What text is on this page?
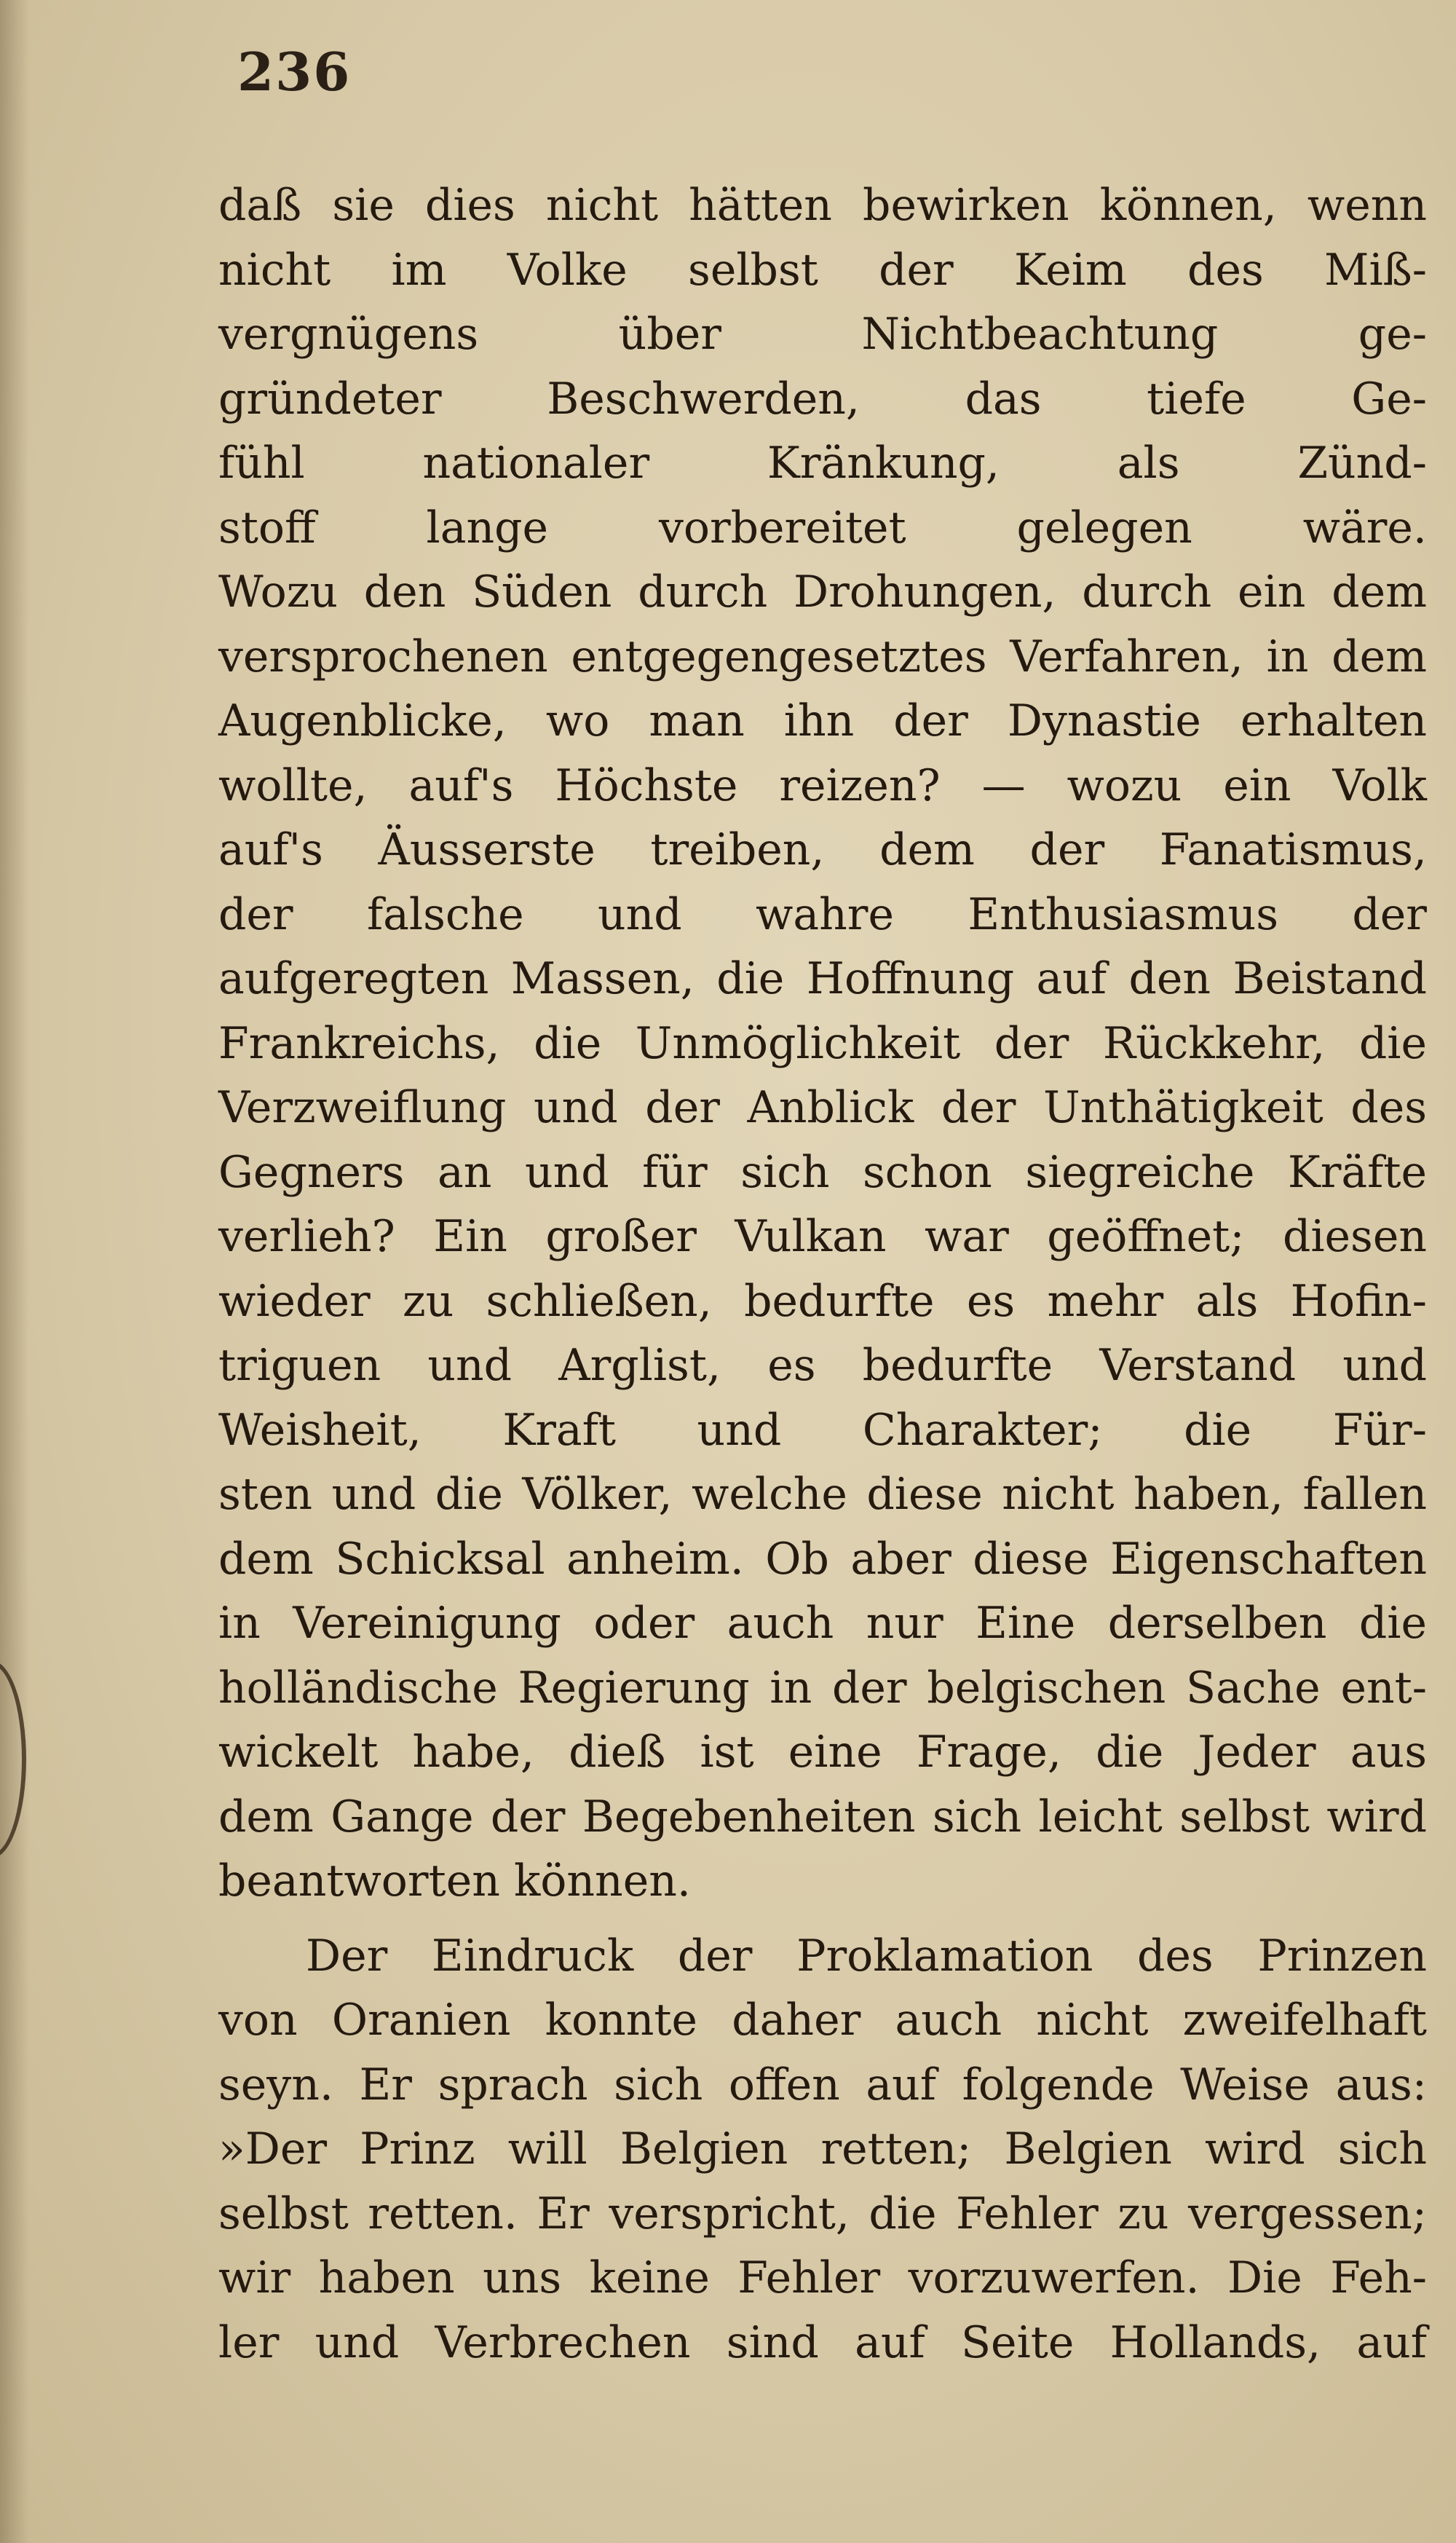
236
daß sie dies nicht hätten bewirken können, wenn
nicht im Volke selbst der Keim des Miß-
vergnügens über Nichtbeachtung ge-
gründeter Beschwerden, das tiefe Ge-
fühl nationaler Kränkung, als Zünd-
stoff lange vorbereitet gelegen wäre.
Wozu den Süden durch Drohungen, durch ein dem
versprochenen entgegengesetztes Verfahren, in dem
Augenblicke, wo man ihn der Dynastie erhalten
wollte, auf's Höchste reizen? — wozu ein Volk
auf's Äusserste treiben, dem der Fanatismus,
der falsche und wahre Enthusiasmus der
aufgeregten Massen, die Hoffnung auf den Beistand
Frankreichs, die Unmöglichkeit der Rückkehr, die
Verzweiflung und der Anblick der Unthätigkeit des
Gegners an und für sich schon siegreiche Kräfte
verlieh? Ein großer Vulkan war geöffnet; diesen
wieder zu schließen, bedurfte es mehr als Hofin-
triguen und Arglist, es bedurfte Verstand und
Weisheit, Kraft und Charakter; die Für-
sten und die Völker, welche diese nicht haben, fallen
dem Schicksal anheim. Ob aber diese Eigenschaften
in Vereinigung oder auch nur Eine derselben die
holländische Regierung in der belgischen Sache ent-
wickelt habe, dieß ist eine Frage, die Jeder aus
dem Gange der Begebenheiten sich leicht selbst wird
beantworten können.
Der Eindruck der Proklamation des Prinzen
von Oranien konnte daher auch nicht zweifelhaft
seyn. Er sprach sich offen auf folgende Weise aus:
»Der Prinz will Belgien retten; Belgien wird sich
selbst retten. Er verspricht, die Fehler zu vergessen;
wir haben uns keine Fehler vorzuwerfen. Die Feh-
ler und Verbrechen sind auf Seite Hollands, auf
